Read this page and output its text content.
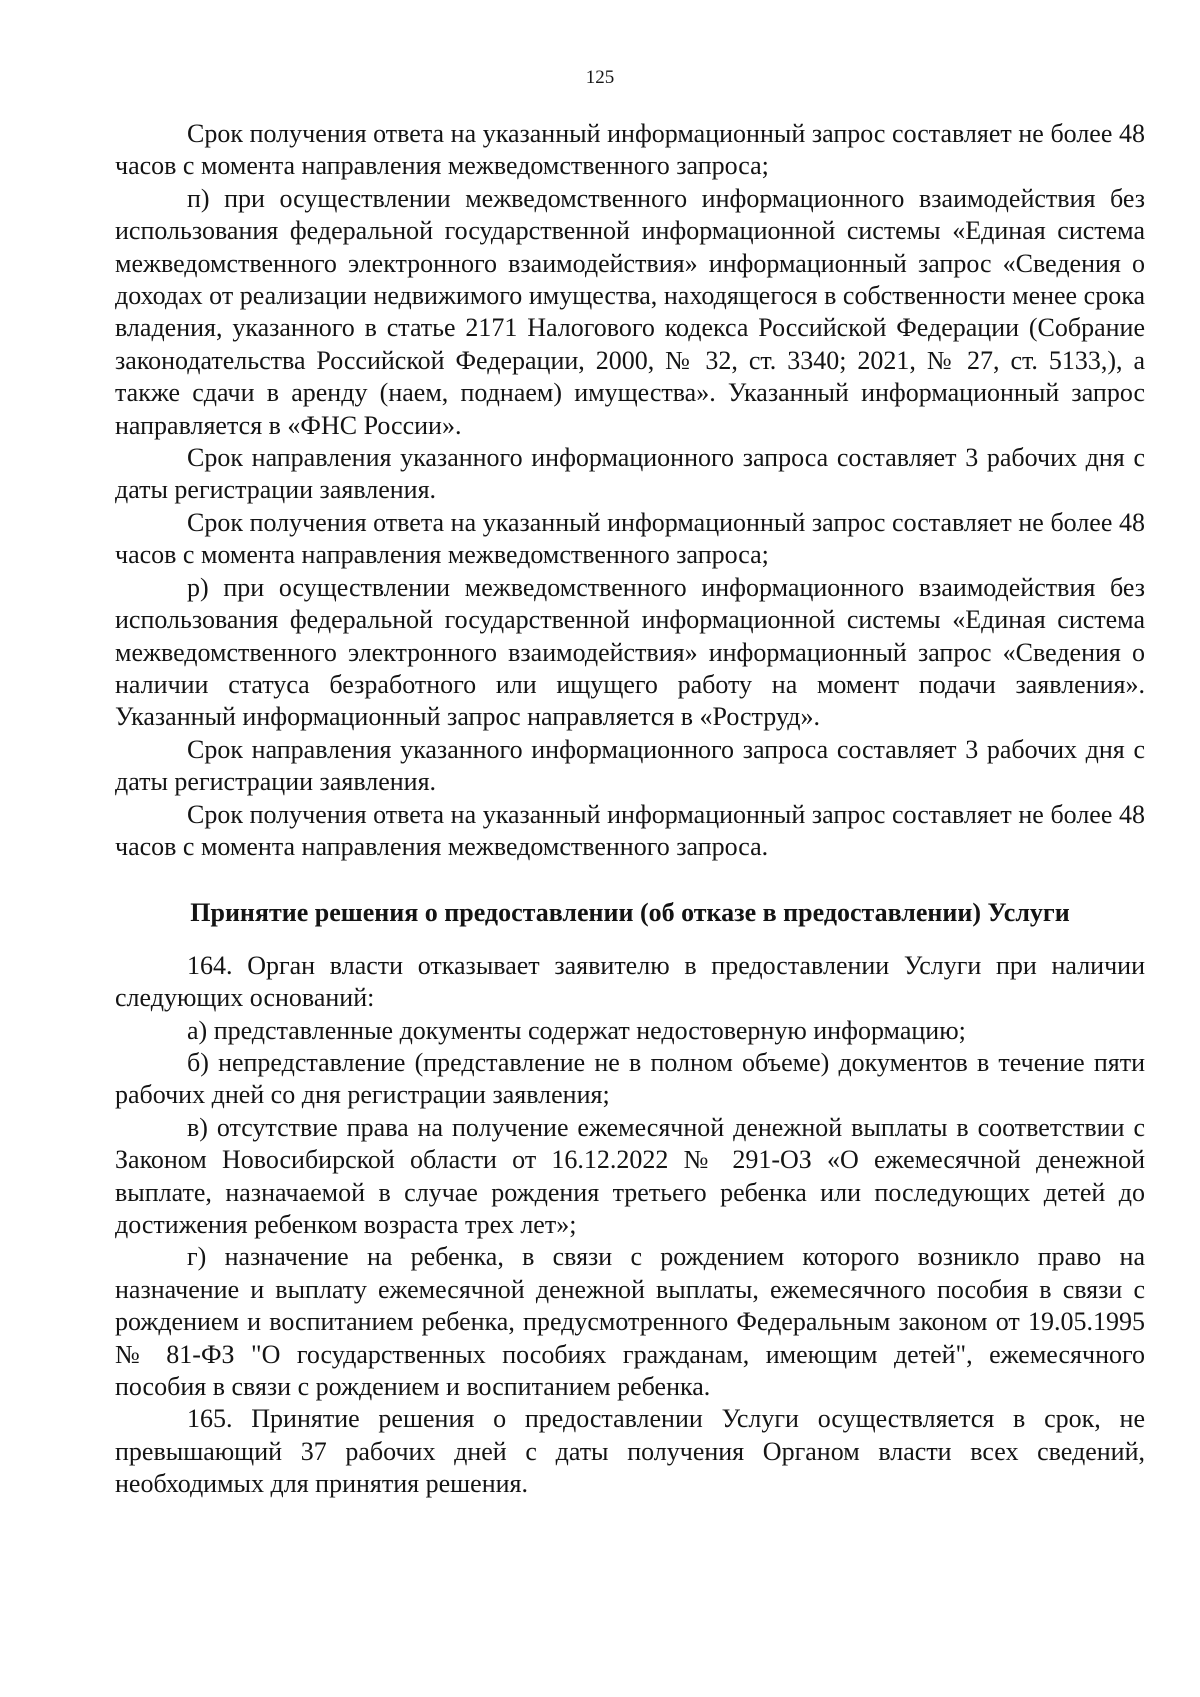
125

Срок получения ответа на указанный информационный запрос составляет не более 48 часов с момента направления межведомственного запроса;

п) при осуществлении межведомственного информационного взаимодействия без использования федеральной государственной информационной системы «Единая система межведомственного электронного взаимодействия» информационный запрос «Сведения о доходах от реализации недвижимого имущества, находящегося в собственности менее срока владения, указанного в статье 2171 Налогового кодекса Российской Федерации (Собрание законодательства Российской Федерации, 2000, № 32, ст. 3340; 2021, № 27, ст. 5133,), а также сдачи в аренду (наем, поднаем) имущества». Указанный информационный запрос направляется в «ФНС России».

Срок направления указанного информационного запроса составляет 3 рабочих дня с даты регистрации заявления.

Срок получения ответа на указанный информационный запрос составляет не более 48 часов с момента направления межведомственного запроса;

р) при осуществлении межведомственного информационного взаимодействия без использования федеральной государственной информационной системы «Единая система межведомственного электронного взаимодействия» информационный запрос «Сведения о наличии статуса безработного или ищущего работу на момент подачи заявления». Указанный информационный запрос направляется в «Роструд».

Срок направления указанного информационного запроса составляет 3 рабочих дня с даты регистрации заявления.

Срок получения ответа на указанный информационный запрос составляет не более 48 часов с момента направления межведомственного запроса.

Принятие решения о предоставлении (об отказе в предоставлении) Услуги

164. Орган власти отказывает заявителю в предоставлении Услуги при наличии следующих оснований:

а) представленные документы содержат недостоверную информацию;

б) непредставление (представление не в полном объеме) документов в течение пяти рабочих дней со дня регистрации заявления;

в) отсутствие права на получение ежемесячной денежной выплаты в соответствии с Законом Новосибирской области от 16.12.2022 № 291-ОЗ «О ежемесячной денежной выплате, назначаемой в случае рождения третьего ребенка или последующих детей до достижения ребенком возраста трех лет»;

г) назначение на ребенка, в связи с рождением которого возникло право на назначение и выплату ежемесячной денежной выплаты, ежемесячного пособия в связи с рождением и воспитанием ребенка, предусмотренного Федеральным законом от 19.05.1995 № 81-ФЗ "О государственных пособиях гражданам, имеющим детей", ежемесячного пособия в связи с рождением и воспитанием ребенка.

165. Принятие решения о предоставлении Услуги осуществляется в срок, не превышающий 37 рабочих дней с даты получения Органом власти всех сведений, необходимых для принятия решения.
